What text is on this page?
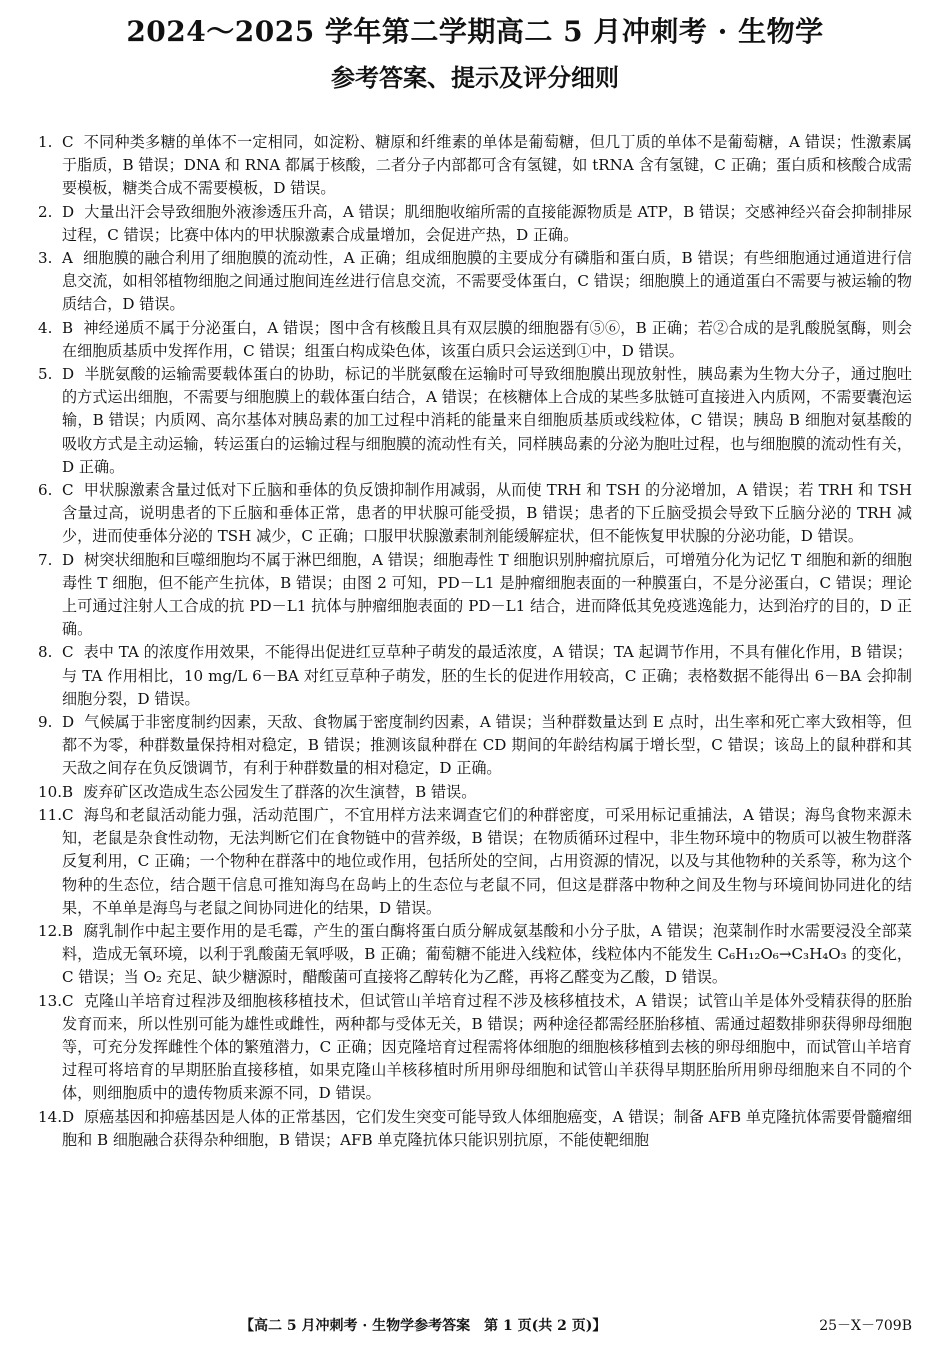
2024～2025 学年第二学期高二 5 月冲刺考 · 生物学
参考答案、提示及评分细则
1. C 不同种类多糖的单体不一定相同，如淀粉、糖原和纤维素的单体是葡萄糖，但几丁质的单体不是葡萄糖，A 错误；性激素属于脂质，B 错误；DNA 和 RNA 都属于核酸，二者分子内部都可含有氢键，如 tRNA 含有氢键，C 正确；蛋白质和核酸合成需要模板，糖类合成不需要模板，D 错误。
2. D 大量出汗会导致细胞外液渗透压升高，A 错误；肌细胞收缩所需的直接能源物质是 ATP，B 错误；交感神经兴奋会抑制排尿过程，C 错误；比赛中体内的甲状腺激素合成量增加，会促进产热，D 正确。
3. A 细胞膜的融合利用了细胞膜的流动性，A 正确；组成细胞膜的主要成分有磷脂和蛋白质，B 错误；有些细胞通过通道进行信息交流，如相邻植物细胞之间通过胞间连丝进行信息交流，不需要受体蛋白，C 错误；细胞膜上的通道蛋白不需要与被运输的物质结合，D 错误。
4. B 神经递质不属于分泌蛋白，A 错误；图中含有核酸且具有双层膜的细胞器有⑤⑥，B 正确；若②合成的是乳酸脱氢酶，则会在细胞质基质中发挥作用，C 错误；组蛋白构成染色体，该蛋白质只会运送到①中，D 错误。
5. D 半胱氨酸的运输需要载体蛋白的协助，标记的半胱氨酸在运输时可导致细胞膜出现放射性，胰岛素为生物大分子，通过胞吐的方式运出细胞，不需要与细胞膜上的载体蛋白结合，A 错误；在核糖体上合成的某些多肽链可直接进入内质网，不需要囊泡运输，B 错误；内质网、高尔基体对胰岛素的加工过程中消耗的能量来自细胞质基质或线粒体，C 错误；胰岛 B 细胞对氨基酸的吸收方式是主动运输，转运蛋白的运输过程与细胞膜的流动性有关，同样胰岛素的分泌为胞吐过程，也与细胞膜的流动性有关，D 正确。
6. C 甲状腺激素含量过低对下丘脑和垂体的负反馈抑制作用减弱，从而使 TRH 和 TSH 的分泌增加，A 错误；若 TRH 和 TSH 含量过高，说明患者的下丘脑和垂体正常，患者的甲状腺可能受损，B 错误；患者的下丘脑受损会导致下丘脑分泌的 TRH 减少，进而使垂体分泌的 TSH 减少，C 正确；口服甲状腺激素制剂能缓解症状，但不能恢复甲状腺的分泌功能，D 错误。
7. D 树突状细胞和巨噬细胞均不属于淋巴细胞，A 错误；细胞毒性 T 细胞识别肿瘤抗原后，可增殖分化为记忆 T 细胞和新的细胞毒性 T 细胞，但不能产生抗体，B 错误；由图 2 可知，PD－L1 是肿瘤细胞表面的一种膜蛋白，不是分泌蛋白，C 错误；理论上可通过注射人工合成的抗 PD－L1 抗体与肿瘤细胞表面的 PD－L1 结合，进而降低其免疫逃逸能力，达到治疗的目的，D 正确。
8. C 表中 TA 的浓度作用效果，不能得出促进红豆草种子萌发的最适浓度，A 错误；TA 起调节作用，不具有催化作用，B 错误；与 TA 作用相比，10 mg/L 6－BA 对红豆草种子萌发，胚的生长的促进作用较高，C 正确；表格数据不能得出 6－BA 会抑制细胞分裂，D 错误。
9. D 气候属于非密度制约因素，天敌、食物属于密度制约因素，A 错误；当种群数量达到 E 点时，出生率和死亡率大致相等，但都不为零，种群数量保持相对稳定，B 错误；推测该鼠种群在 CD 期间的年龄结构属于增长型，C 错误；该岛上的鼠种群和其天敌之间存在负反馈调节，有利于种群数量的相对稳定，D 正确。
10. B 废弃矿区改造成生态公园发生了群落的次生演替，B 错误。
11. C 海鸟和老鼠活动能力强，活动范围广，不宜用样方法来调查它们的种群密度，可采用标记重捕法，A 错误；海鸟食物来源未知，老鼠是杂食性动物，无法判断它们在食物链中的营养级，B 错误；在物质循环过程中，非生物环境中的物质可以被生物群落反复利用，C 正确；一个物种在群落中的地位或作用，包括所处的空间，占用资源的情况，以及与其他物种的关系等，称为这个物种的生态位，结合题干信息可推知海鸟在岛屿上的生态位与老鼠不同，但这是群落中物种之间及生物与环境间协同进化的结果，不单单是海鸟与老鼠之间协同进化的结果，D 错误。
12. B 腐乳制作中起主要作用的是毛霉，产生的蛋白酶将蛋白质分解成氨基酸和小分子肽，A 错误；泡菜制作时水需要浸没全部菜料，造成无氧环境，以利于乳酸菌无氧呼吸，B 正确；葡萄糖不能进入线粒体，线粒体内不能发生 C₆H₁₂O₆→C₃H₄O₃ 的变化，C 错误；当 O₂ 充足、缺少糖源时，醋酸菌可直接将乙醇转化为乙醛，再将乙醛变为乙酸，D 错误。
13. C 克隆山羊培育过程涉及细胞核移植技术，但试管山羊培育过程不涉及核移植技术，A 错误；试管山羊是体外受精获得的胚胎发育而来，所以性别可能为雄性或雌性，两种都与受体无关，B 错误；两种途径都需经胚胎移植、需通过超数排卵获得卵母细胞等，可充分发挥雌性个体的繁殖潜力，C 正确；因克隆培育过程需将体细胞的细胞核移植到去核的卵母细胞中，而试管山羊培育过程可将培育的早期胚胎直接移植，如果克隆山羊核移植时所用卵母细胞和试管山羊获得早期胚胎所用卵母细胞来自不同的个体，则细胞质中的遗传物质来源不同，D 错误。
14. D 原癌基因和抑癌基因是人体的正常基因，它们发生突变可能导致人体细胞癌变，A 错误；制备 AFB 单克隆抗体需要骨髓瘤细胞和 B 细胞融合获得杂种细胞，B 错误；AFB 单克隆抗体只能识别抗原，不能使靶细胞
【高二 5 月冲刺考 · 生物学参考答案　第 1 页(共 2 页)】	25－X－709B
